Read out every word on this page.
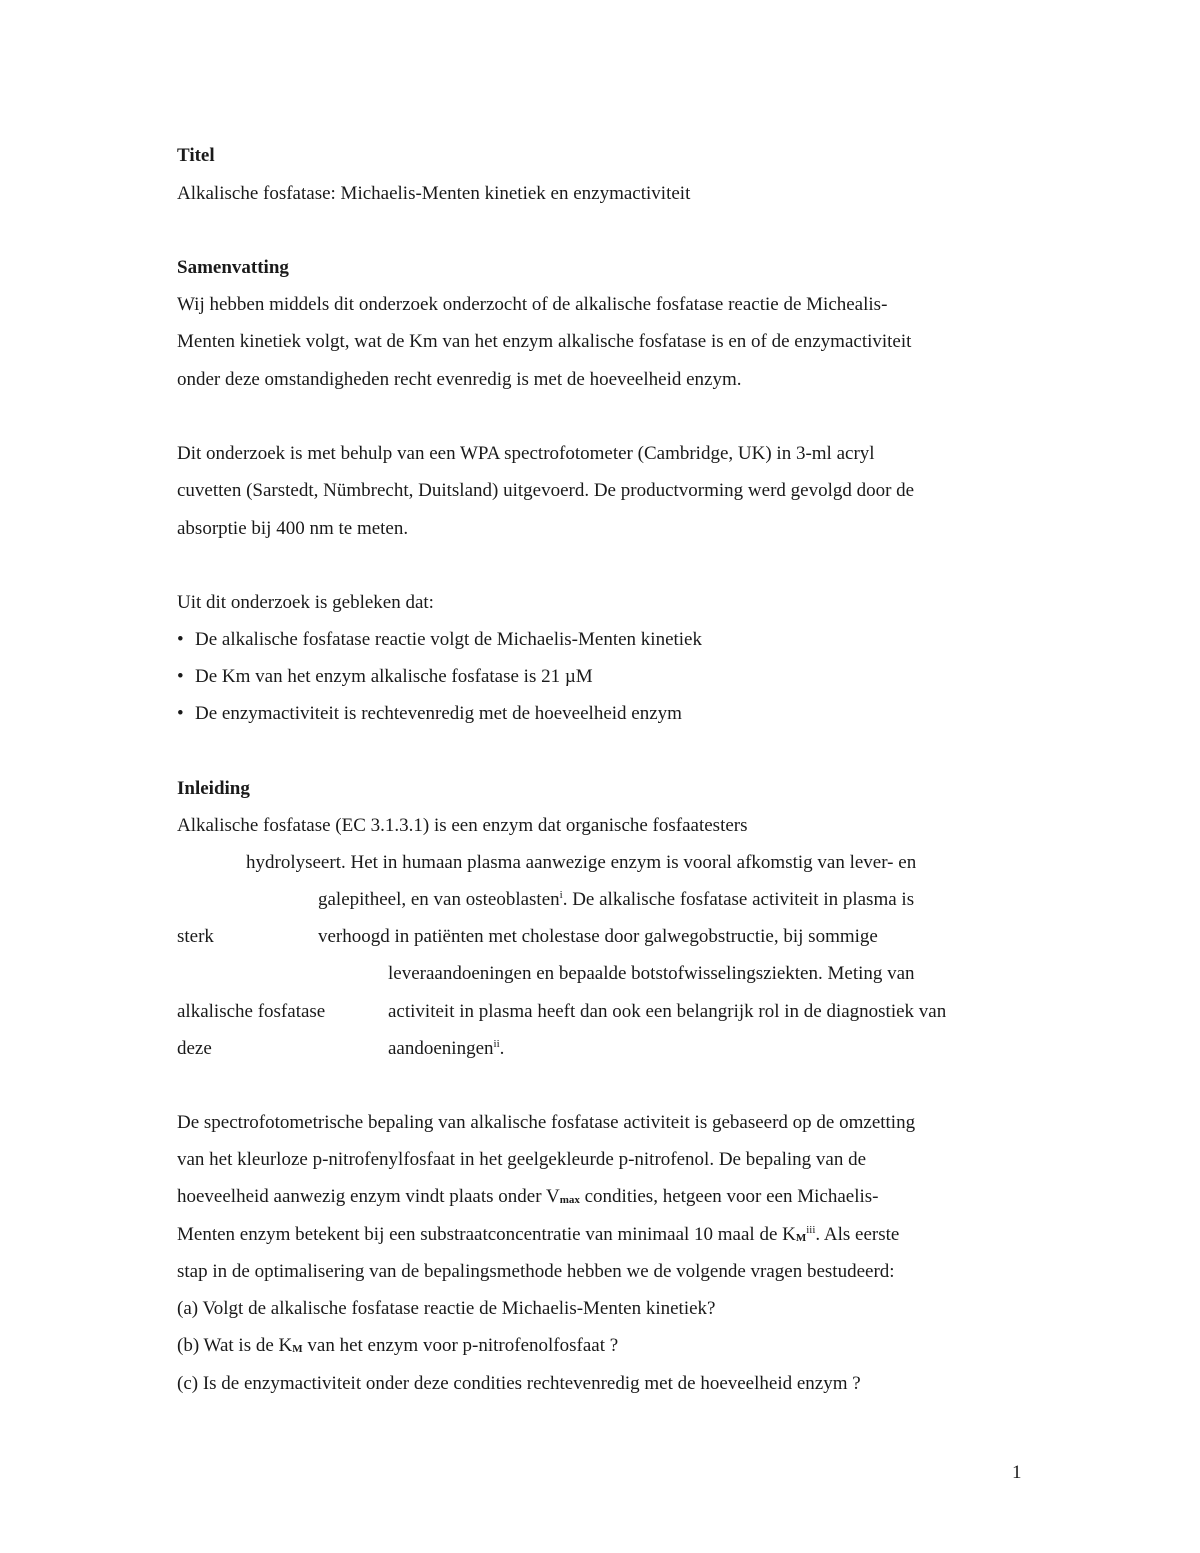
Titel
Alkalische fosfatase: Michaelis-Menten kinetiek en enzymactiviteit
Samenvatting
Wij hebben middels dit onderzoek onderzocht of de alkalische fosfatase reactie de Michealis-
Menten kinetiek volgt, wat de Km van het enzym alkalische fosfatase is en of de enzymactiviteit
onder deze omstandigheden recht evenredig is met de hoeveelheid enzym.
Dit onderzoek is met behulp van een WPA spectrofotometer (Cambridge, UK) in 3-ml acryl
cuvetten (Sarstedt, Nümbrecht, Duitsland) uitgevoerd. De productvorming werd gevolgd door de
absorptie bij 400 nm te meten.
Uit dit onderzoek is gebleken dat:
• De alkalische fosfatase reactie volgt de Michaelis-Menten kinetiek
• De Km van het enzym alkalische fosfatase is 21 µM
• De enzymactiviteit is rechtevenredig met de hoeveelheid enzym
Inleiding
Alkalische fosfatase (EC 3.1.3.1) is een enzym dat organische fosfaatesters
hydrolyseert. Het in humaan plasma aanwezige enzym is vooral afkomstig van lever- en
galepitheel, en van osteoblasten$^i$. De alkalische fosfatase activiteit in plasma is
sterk	verhoogd in patiënten met cholestase door galwegobstructie, bij sommige
leveraandoeningen en bepaalde botstofwisselingsziekten. Meting van
alkalische fosfatase	activiteit in plasma heeft dan ook een belangrijk rol in de diagnostiek van
deze	aandoeningen$^{ii}$.
De spectrofotometrische bepaling van alkalische fosfatase activiteit is gebaseerd op de omzetting
van het kleurloze p-nitrofenylfosfaat in het geelgekleurde p-nitrofenol. De bepaling van de
hoeveelheid aanwezig enzym vindt plaats onder $V_{max}$ condities, hetgeen voor een Michaelis-
Menten enzym betekent bij een substraatconcentratie van minimaal 10 maal de $K_M^{iii}$. Als eerste
stap in de optimalisering van de bepalingsmethode hebben we de volgende vragen bestudeerd:
(a) Volgt de alkalische fosfatase reactie de Michaelis-Menten kinetiek?
(b) Wat is de $K_M$ van het enzym voor p-nitrofenolfosfaat ?
(c) Is de enzymactiviteit onder deze condities rechtevenredig met de hoeveelheid enzym ?
1
